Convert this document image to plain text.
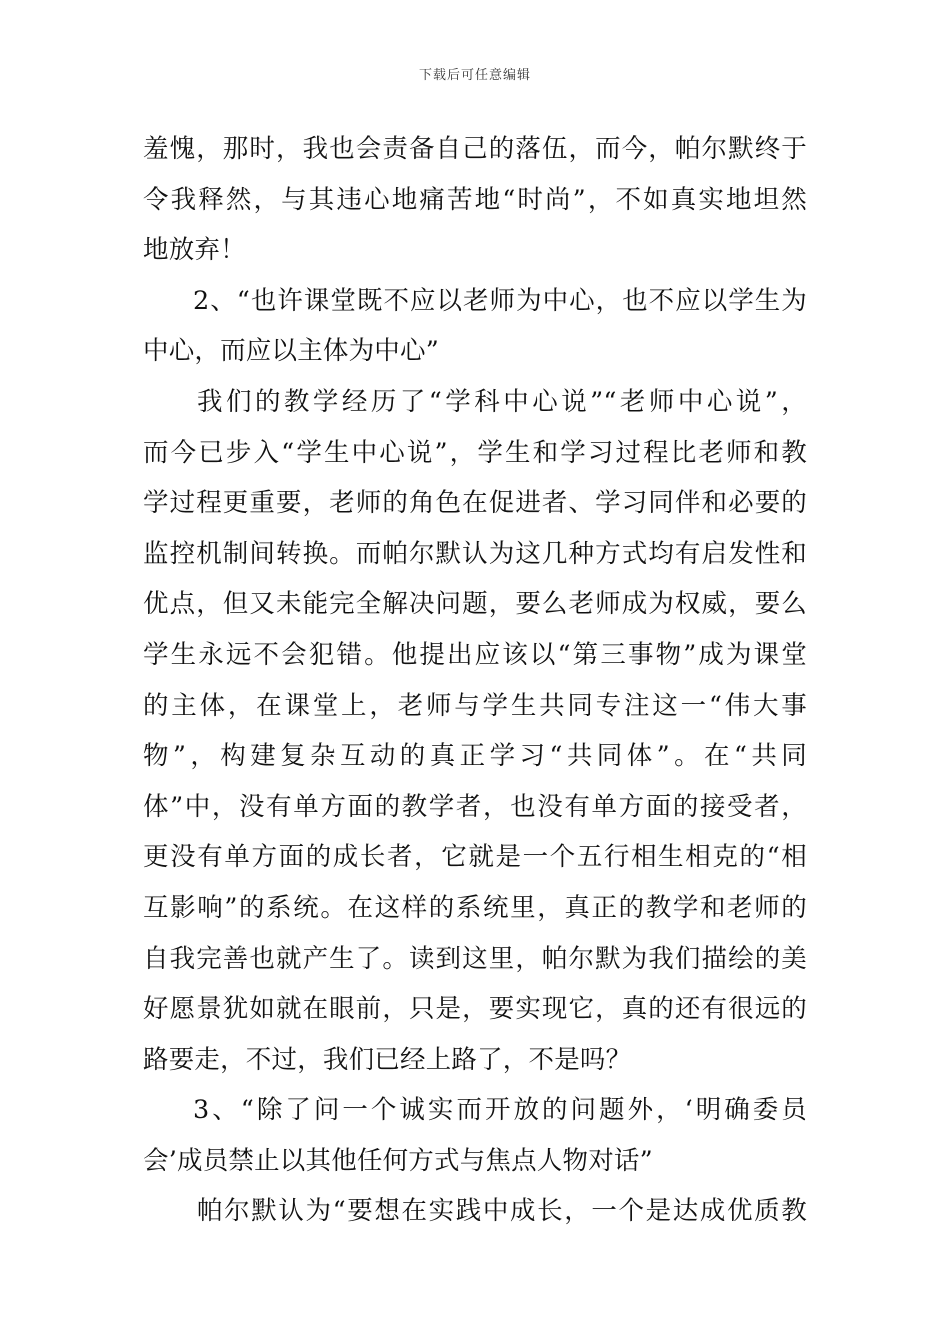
下载后可任意编辑
羞愧，那时，我也会责备自己的落伍，而今，帕尔默终于
令我释然，与其违心地痛苦地“时尚”，不如真实地坦然
地放弃！
2、“也许课堂既不应以老师为中心，也不应以学生为
中心，而应以主体为中心”
我们的教学经历了“学科中心说”“老师中心说”，
而今已步入“学生中心说”，学生和学习过程比老师和教
学过程更重要，老师的角色在促进者、学习同伴和必要的
监控机制间转换。而帕尔默认为这几种方式均有启发性和
优点，但又未能完全解决问题，要么老师成为权威，要么
学生永远不会犯错。他提出应该以“第三事物”成为课堂
的主体，在课堂上，老师与学生共同专注这一“伟大事
物”，构建复杂互动的真正学习“共同体”。在“共同
体”中，没有单方面的教学者，也没有单方面的接受者，
更没有单方面的成长者，它就是一个五行相生相克的“相
互影响”的系统。在这样的系统里，真正的教学和老师的
自我完善也就产生了。读到这里，帕尔默为我们描绘的美
好愿景犹如就在眼前，只是，要实现它，真的还有很远的
路要走，不过，我们已经上路了，不是吗？
3、“除了问一个诚实而开放的问题外，‘明确委员
会’成员禁止以其他任何方式与焦点人物对话”
帕尔默认为“要想在实践中成长，一个是达成优质教
